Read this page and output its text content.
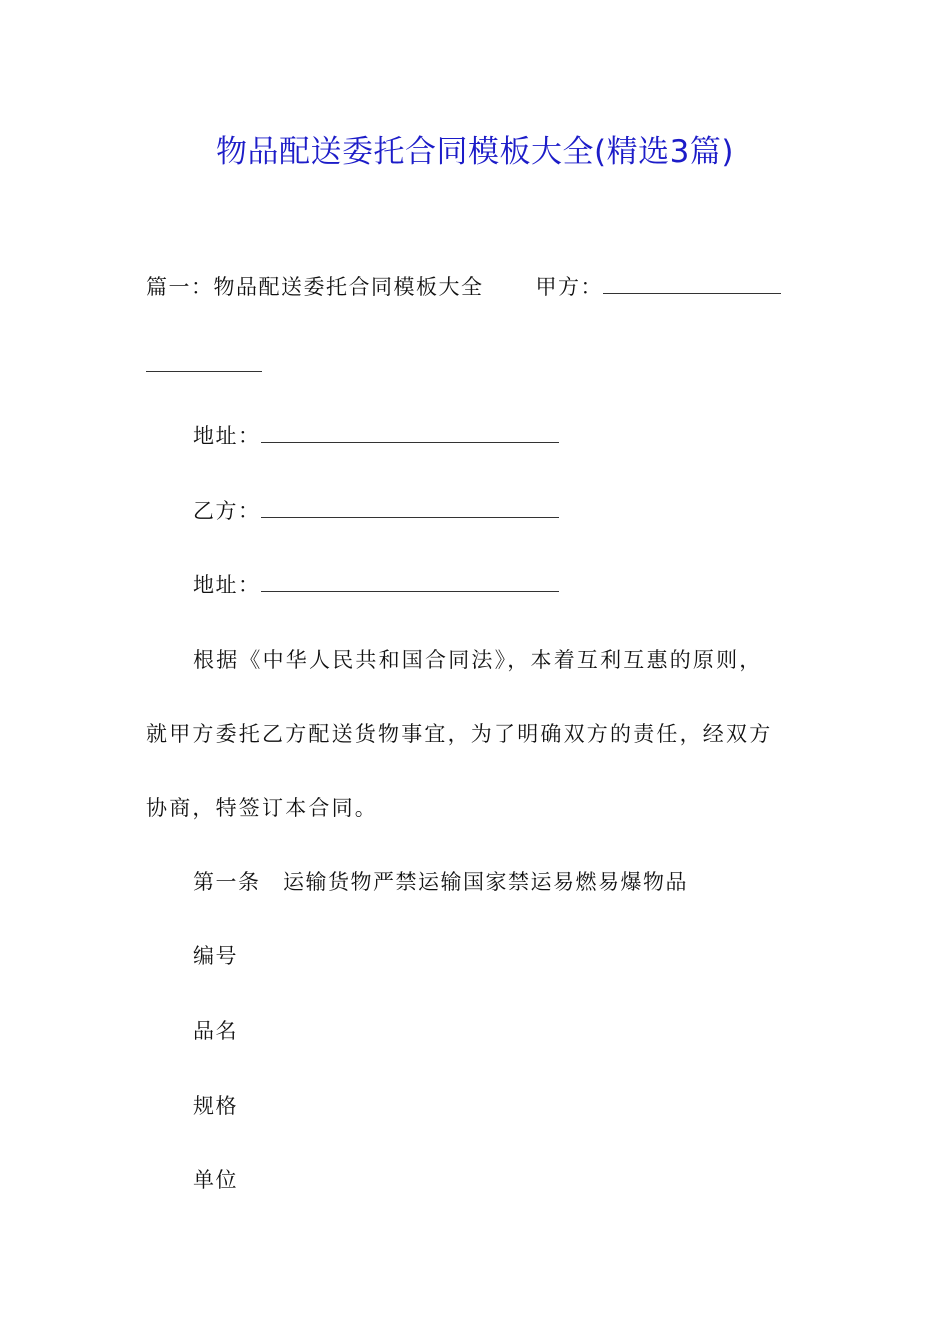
物品配送委托合同模板大全(精选3篇)
篇一：物品配送委托合同模板大全 甲方：
地址：
乙方：
地址：
根据《中华人民共和国合同法》，本着互利互惠的原则，
就甲方委托乙方配送货物事宜，为了明确双方的责任，经双方
协商，特签订本合同。
第一条　运输货物严禁运输国家禁运易燃易爆物品
编号
品名
规格
单位
